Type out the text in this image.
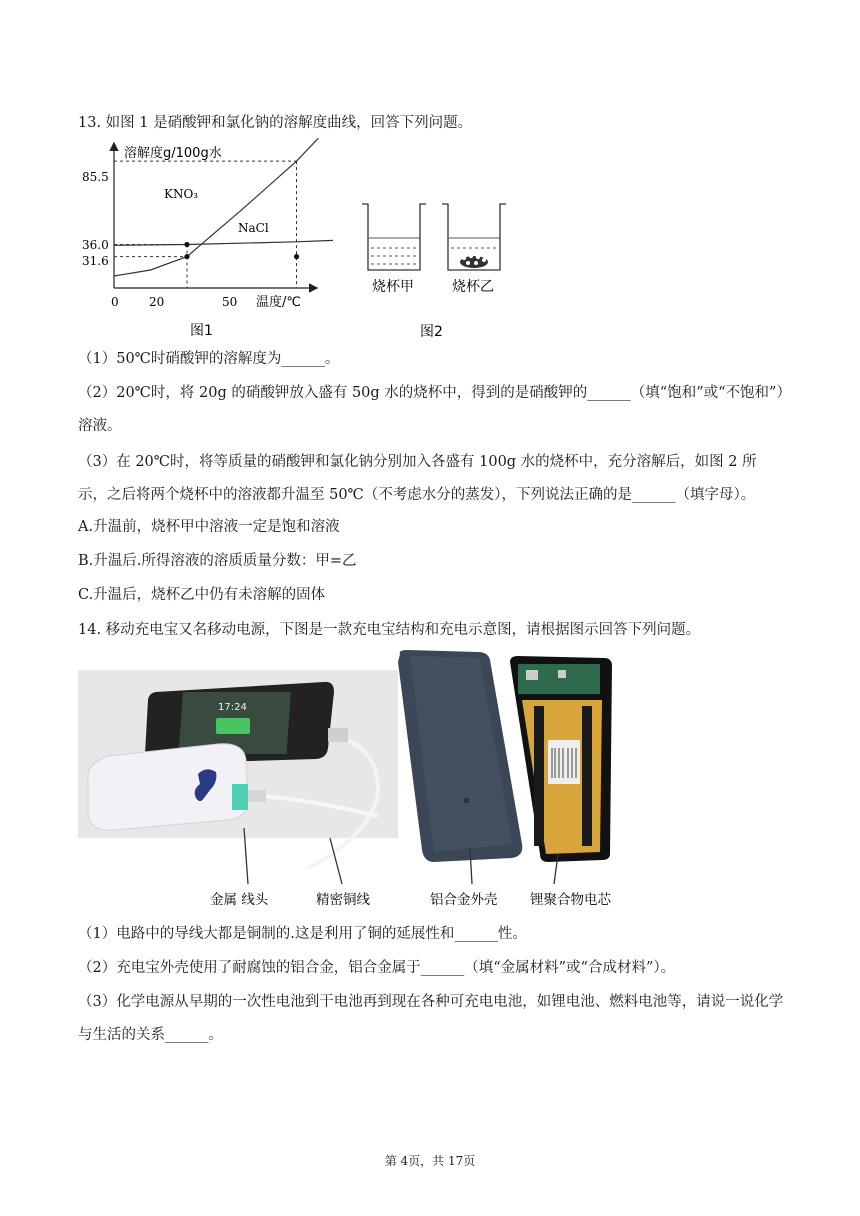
13. 如图 1 是硝酸钾和氯化钠的溶解度曲线，回答下列问题。
溶解度g/100g水
温度/℃
85.5
36.0
31.6
0	20	50
KNO₃
NaCl
图1
烧杯甲	烧杯乙
图2
（1）50℃时硝酸钾的溶解度为______。
（2）20℃时，将 20g 的硝酸钾放入盛有 50g 水的烧杯中，得到的是硝酸钾的______（填“饱和”或“不饱和”）溶液。
（3）在 20℃时，将等质量的硝酸钾和氯化钠分别加入各盛有 100g 水的烧杯中，充分溶解后，如图 2 所示，之后将两个烧杯中的溶液都升温至 50℃（不考虑水分的蒸发），下列说法正确的是______（填字母）。
A.升温前，烧杯甲中溶液一定是饱和溶液
B.升温后.所得溶液的溶质质量分数：甲=乙
C.升温后，烧杯乙中仍有未溶解的固体
14. 移动充电宝又名移动电源，下图是一款充电宝结构和充电示意图，请根据图示回答下列问题。
17:24
金属 线头	精密铜线	铝合金外壳 锂聚合物电芯
（1）电路中的导线大都是铜制的.这是利用了铜的延展性和______性。
（2）充电宝外壳使用了耐腐蚀的铝合金，铝合金属于______（填“金属材料”或“合成材料”）。
（3）化学电源从早期的一次性电池到干电池再到现在各种可充电电池，如锂电池、燃料电池等，请说一说化学与生活的关系______。
第 4页，共 17页
